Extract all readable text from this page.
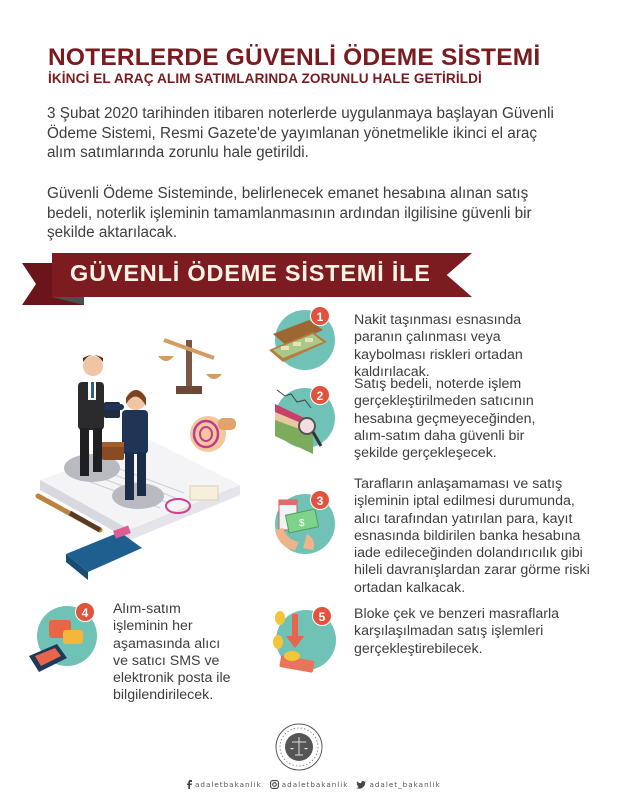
NOTERLERDE GÜVENLİ ÖDEME SİSTEMİ
İKİNCİ EL ARAÇ ALIM SATIMLARINDA ZORUNLU HALE GETİRİLDİ

3 Şubat 2020 tarihinden itibaren noterlerde uygulanmaya başlayan Güvenli Ödeme Sistemi, Resmi Gazete'de yayımlanan yönetmelikle ikinci el araç alım satımlarında zorunlu hale getirildi.

Güvenli Ödeme Sisteminde, belirlenecek emanet hesabına alınan satış bedeli, noterlik işleminin tamamlanmasının ardından ilgilisine güvenli bir şekilde aktarılacak.

GÜVENLİ ÖDEME SİSTEMİ İLE
1	Nakit taşınması esnasında paranın çalınması veya kaybolması riskleri ortadan kaldırılacak.
2
Satış bedeli, noterde işlem gerçekleştirilmeden satıcının hesabına geçmeyeceğinden, alım-satım daha güvenli bir şekilde gerçekleşecek.
$
3
Tarafların anlaşamaması ve satış işleminin iptal edilmesi durumunda, alıcı tarafından yatırılan para, kayıt esnasında bildirilen banka hesabına iade edileceğinden dolandırıcılık gibi hileli davranışlardan zarar görme riski ortadan kalkacak.
4	Alım-satım işleminin her aşamasında alıcı ve satıcı SMS ve elektronik posta ile bilgilendirilecek.
5	Bloke çek ve benzeri masraflarla karşılaşılmadan satış işlemleri gerçekleştirebilecek.
adaletbakanlik	adaletbakanlik	adalet_bakanlik
